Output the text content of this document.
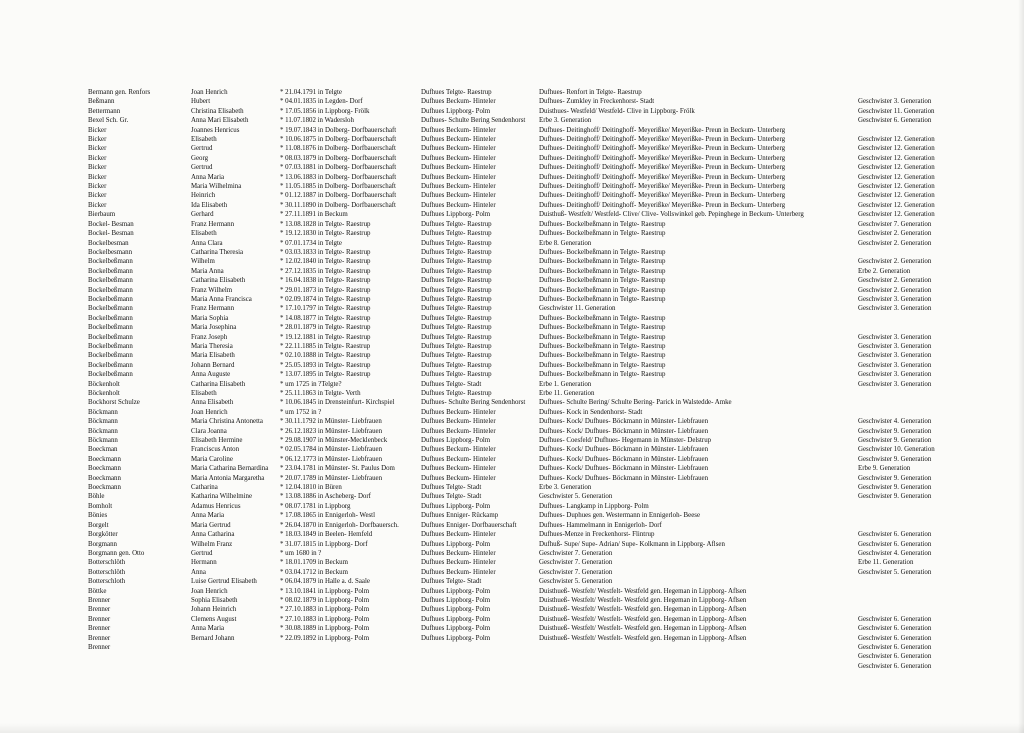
Bermann gen. Renfors
Beßmann
Bettermann
Bexel Sch. Gr.
Bicker
Bicker
Bicker
Bicker
Bicker
Bicker
Bicker
Bicker
Bicker
Bierbaum
Bockel- Besman
Bockel- Besman
Bockelbesman
Bockelbesmann
Bockelbeßmann
Bockelbeßmann
Bockelbeßmann
Bockelbeßmann
Bockelbeßmann
Bockelbeßmann
Bockelbeßmann
Bockelbeßmann
Bockelbeßmann
Bockelbeßmann
Bockelbeßmann
Bockelbeßmann
Bockelbeßmann
Böckenholt
Böckenholt
Bockhorst Schulze
Böckmann
Böckmann
Böckmann
Böckmann
Boeckman
Boeckmann
Boeckmann
Boeckmann
Boeckmann
Böhle
Bomholt
Bönies
Borgelt
Borgkötter
Borgmann
Borgmann gen. Otto
Botterschlöth
Botterschlöth
Botterschloth
Böttke
Brenner
Brenner
Brenner
Brenner
Brenner
Brenner
Joan Henrich
Hubert
Christina Elisabeth
Anna Mari Elisabeth
Joannes Henricus
Elisabeth
Gertrud
Georg
Gertrud
Anna Maria
Maria Wilhelmina
Heinrich
Ida Elisabeth
Gerhard
Franz Hermann
Elisabeth
Anna Clara
Catharina Theresia
Wilhelm
Maria Anna
Catharina Elisabeth
Franz Wilhelm
Maria Anna Francisca
Franz Hermann
Maria Sophia
Maria Josephina
Franz Joseph
Maria Theresia
Maria Elisabeth
Johann Bernard
Anna Auguste
Catharina Elisabeth
Elisabeth
Anna Elisabeth
Joan Henrich
Maria Christina Antonetta
Clara Joanna
Elisabeth Hermine
Franciscus Anton
Maria Caroline
Maria Catharina Bernardina
Maria Antonia Margaretha
Catharina
Katharina Wilhelmine
Adamus Henricus
Anna Maria
Maria Gertrud
Anna Catharina
Wilhelm Franz
Gertrud
Hermann
Anna
Luise Gertrud Elisabeth
Joan Henrich
Sophia Elisabeth
Johann Heinrich
Clemens August
Anna Maria
Bernard Johann
* 21.04.1791 in Telgte
* 04.01.1835 in Legden- Dorf
* 17.05.1856 in Lippborg- Frölk
* 11.07.1802 in Wadersloh
* 19.07.1843 in Dolberg- Dorfbauerschaft
* 10.06.1875 in Dolberg- Dorfbauerschaft
* 11.08.1876 in Dolberg- Dorfbauerschaft
* 08.03.1879 in Dolberg- Dorfbauerschaft
* 07.03.1881 in Dolberg- Dorfbauerschaft
* 13.06.1883 in Dolberg- Dorfbauerschaft
* 11.05.1885 in Dolberg- Dorfbauerschaft
* 01.12.1887 in Dolberg- Dorfbauerschaft
* 30.11.1890 in Dolberg- Dorfbauerschaft
* 27.11.1891 in Beckum
* 13.08.1828 in Telgte- Raestrup
* 19.12.1830 in Telgte- Raestrup
* 07.01.1734 in Telgte
* 03.03.1833 in Telgte- Raestrup
* 12.02.1840 in Telgte- Raestrup
* 27.12.1835 in Telgte- Raestrup
* 16.04.1838 in Telgte- Raestrup
* 29.01.1873 in Telgte- Raestrup
* 02.09.1874 in Telgte- Raestrup
* 17.10.1797 in Telgte- Raestrup
* 14.08.1877 in Telgte- Raestrup
* 28.01.1879 in Telgte- Raestrup
* 19.12.1881 in Telgte- Raestrup
* 22.11.1885 in Telgte- Raestrup
* 02.10.1888 in Telgte- Raestrup
* 25.05.1893 in Telgte- Raestrup
* 13.07.1895 in Telgte- Raestrup
* um 1725 in ?Telgte?
* 25.11.1863 in Telgte- Verth
* 10.06.1845 in Drensteinfurt- Kirchspiel
* um 1752 in ?
* 30.11.1792 in Münster- Liebfrauen
* 26.12.1823 in Münster- Liebfrauen
* 29.08.1907 in Münster-Mecklenbeck
* 02.05.1784 in Münster- Liebfrauen
* 06.12.1773 in Münster- Liebfrauen
* 23.04.1781 in Münster- St. Paulus Dom
* 20.07.1789 in Münster- Liebfrauen
* 12.04.1810 in Büren
* 13.08.1886 in Ascheberg- Dorf
* 08.07.1781 in Lippborg
* 17.08.1865 in Ennigerloh- Westl
* 26.04.1870 in Ennigerloh- Dorfbauersch.
* 18.03.1849 in Beelen- Hemfeld
* 31.07.1815 in Lippborg- Dorf
* um 1680 in ?
* 18.01.1709 in Beckum
* 03.04.1712 in Beckum
* 06.04.1879 in Halle a. d. Saale
* 13.10.1841 in Lippborg- Polm
* 08.02.1879 in Lippborg- Polm
* 27.10.1883 in Lippborg- Polm
* 27.10.1883 in Lippborg- Polm
* 30.08.1889 in Lippborg- Polm
* 22.09.1892 in Lippborg- Polm
Dufhues Telgte- Raestrup
Dufhues Beckum- Hinteler
Dufhues Lippborg- Polm
Dufhues- Schulte Bering Sendenhorst
Dufhues Beckum- Hinteler
Dufhues Beckum- Hinteler
Dufhues Beckum- Hinteler
Dufhues Beckum- Hinteler
Dufhues Beckum- Hinteler
Dufhues Beckum- Hinteler
Dufhues Beckum- Hinteler
Dufhues Beckum- Hinteler
Dufhues Beckum- Hinteler
Dufhues Lippborg- Polm
Dufhues Telgte- Raestrup
Dufhues Telgte- Raestrup
Dufhues Telgte- Raestrup
Dufhues Telgte- Raestrup
Dufhues Telgte- Raestrup
Dufhues Telgte- Raestrup
Dufhues Telgte- Raestrup
Dufhues Telgte- Raestrup
Dufhues Telgte- Raestrup
Dufhues Telgte- Raestrup
Dufhues Telgte- Raestrup
Dufhues Telgte- Raestrup
Dufhues Telgte- Raestrup
Dufhues Telgte- Raestrup
Dufhues Telgte- Raestrup
Dufhues Telgte- Raestrup
Dufhues Telgte- Raestrup
Dufhues Telgte- Stadt
Dufhues Telgte- Raestrup
Dufhues- Schulte Bering Sendenhorst
Dufhues Beckum- Hinteler
Dufhues Beckum- Hinteler
Dufhues Beckum- Hinteler
Dufhues Lippborg- Polm
Dufhues Beckum- Hinteler
Dufhues Beckum- Hinteler
Dufhues Beckum- Hinteler
Dufhues Beckum- Hinteler
Dufhues Telgte- Stadt
Dufhues Telgte- Stadt
Dufhues Lippborg- Polm
Dufhues Enniger- Rückamp
Dufhues Enniger- Dorfbauerschaft
Dufhues Beckum- Hinteler
Dufhues Lippborg- Polm
Dufhues Beckum- Hinteler
Dufhues Beckum- Hinteler
Dufhues Beckum- Hinteler
Dufhues Telgte- Stadt
Dufhues Lippborg- Polm
Dufhues Lippborg- Polm
Dufhues Lippborg- Polm
Dufhues Lippborg- Polm
Dufhues Lippborg- Polm
Dufhues Lippborg- Polm
Dufhues- Renfort in Telgte- Raestrup
Dufhues- Zumkley in Freckenhorst- Stadt
Duisthues- Westfeld/ Westfeld- Clive in Lippborg- Frölk
Erbe 3. Generation
Dufhues- Deitinghoff/ Deitinghoff- Meyerißke/ Meyerißke- Preun in Beckum- Unterberg
Dufhues- Deitinghoff/ Deitinghoff- Meyerißke/ Meyerißke- Preun in Beckum- Unterberg
Dufhues- Deitinghoff/ Deitinghoff- Meyerißke/ Meyerißke- Preun in Beckum- Unterberg
Dufhues- Deitinghoff/ Deitinghoff- Meyerißke/ Meyerißke- Preun in Beckum- Unterberg
Dufhues- Deitinghoff/ Deitinghoff- Meyerißke/ Meyerißke- Preun in Beckum- Unterberg
Dufhues- Deitinghoff/ Deitinghoff- Meyerißke/ Meyerißke- Preun in Beckum- Unterberg
Dufhues- Deitinghoff/ Deitinghoff- Meyerißke/ Meyerißke- Preun in Beckum- Unterberg
Dufhues- Deitinghoff/ Deitinghoff- Meyerißke/ Meyerißke- Preun in Beckum- Unterberg
Dufhues- Deitinghoff/ Deitinghoff- Meyerißke/ Meyerißke- Preun in Beckum- Unterberg
Duisthuß- Westfelt/ Westfeld- Clive/ Clive- Vollswinkel geb. Pepinghege in Beckum- Unterberg
Dufhues- Bockelbeßmann in Telgte- Raestrup
Dufhues- Bockelbeßmann in Telgte- Raestrup
Erbe 8. Generation
Dufhues- Bockelbeßmann in Telgte- Raestrup
Dufhues- Bockelbeßmann in Telgte- Raestrup
Dufhues- Bockelbeßmann in Telgte- Raestrup
Dufhues- Bockelbeßmann in Telgte- Raestrup
Dufhues- Bockelbeßmann in Telgte- Raestrup
Dufhues- Bockelbeßmann in Telgte- Raestrup
Geschwister 11. Generation
Dufhues- Bockelbeßmann in Telgte- Raestrup
Dufhues- Bockelbeßmann in Telgte- Raestrup
Dufhues- Bockelbeßmann in Telgte- Raestrup
Dufhues- Bockelbeßmann in Telgte- Raestrup
Dufhues- Bockelbeßmann in Telgte- Raestrup
Dufhues- Bockelbeßmann in Telgte- Raestrup
Dufhues- Bockelbeßmann in Telgte- Raestrup
Erbe 1. Generation
Erbe 11. Generation
Dufhues- Schulte Bering/ Schulte Bering- Parick in Walstedde- Amke
Dufhues- Kock in Sendenhorst- Stadt
Dufhues- Kock/ Dufhues- Böckmann in Münster- Liebfrauen
Dufhues- Kock/ Dufhues- Böckmann in Münster- Liebfrauen
Dufhues- Coesfeld/ Dufhues- Hegemann in Münster- Delstrup
Dufhues- Kock/ Dufhues- Böckmann in Münster- Liebfrauen
Dufhues- Kock/ Dufhues- Böckmann in Münster- Liebfrauen
Dufhues- Kock/ Dufhues- Böckmann in Münster- Liebfrauen
Dufhues- Kock/ Dufhues- Böckmann in Münster- Liebfrauen
Erbe 3. Generation
Geschwister 5. Generation
Dufhues- Langkamp in Lippborg- Polm
Dufhues- Duphues gen. Westermann in Ennigerloh- Beese
Dufhues- Hammelmann in Ennigerloh- Dorf
Dufhues-Menze in Freckenhorst- Flintrup
Dufhuß- Supe/ Supe- Adrian/ Supe- Kolkmann in Lippborg- Aflsen
Geschwister 7. Generation
Geschwister 7. Generation
Geschwister 7. Generation
Geschwister 5. Generation
Duisthueß- Westfelt/ Westfelt- Westfeld gen. Hegeman in Lippborg- Aflsen
Duisthueß- Westfelt/ Westfelt- Westfeld gen. Hegeman in Lippborg- Aflsen
Duisthueß- Westfelt/ Westfelt- Westfeld gen. Hegeman in Lippborg- Aflsen
Duisthueß- Westfelt/ Westfelt- Westfeld gen. Hegeman in Lippborg- Aflsen
Duisthueß- Westfelt/ Westfelt- Westfeld gen. Hegeman in Lippborg- Aflsen
Duisthueß- Westfelt/ Westfelt- Westfeld gen. Hegeman in Lippborg- Aflsen
Geschwister 3. Generation
Geschwister 11. Generation
Geschwister 6. Generation
Geschwister 12. Generation
Geschwister 12. Generation
Geschwister 12. Generation
Geschwister 12. Generation
Geschwister 12. Generation
Geschwister 12. Generation
Geschwister 12. Generation
Geschwister 12. Generation
Geschwister 12. Generation
Geschwister 7. Generation
Geschwister 2. Generation
Geschwister 2. Generation
Geschwister 2. Generation
Erbe 2. Generation
Geschwister 2. Generation
Geschwister 2. Generation
Geschwister 3. Generation
Geschwister 3. Generation
Geschwister 3. Generation
Geschwister 3. Generation
Geschwister 3. Generation
Geschwister 3. Generation
Geschwister 3. Generation
Geschwister 3. Generation
Geschwister 4. Generation
Geschwister 9. Generation
Geschwister 9. Generation
Geschwister 10. Generation
Geschwister 9. Generation
Erbe 9. Generation
Geschwister 9. Generation
Geschwister 9. Generation
Geschwister 9. Generation
Geschwister 6. Generation
Geschwister 6. Generation
Geschwister 4. Generation
Erbe 11. Generation
Geschwister 5. Generation
Geschwister 6. Generation
Geschwister 6. Generation
Geschwister 6. Generation
Geschwister 6. Generation
Geschwister 6. Generation
Geschwister 6. Generation
